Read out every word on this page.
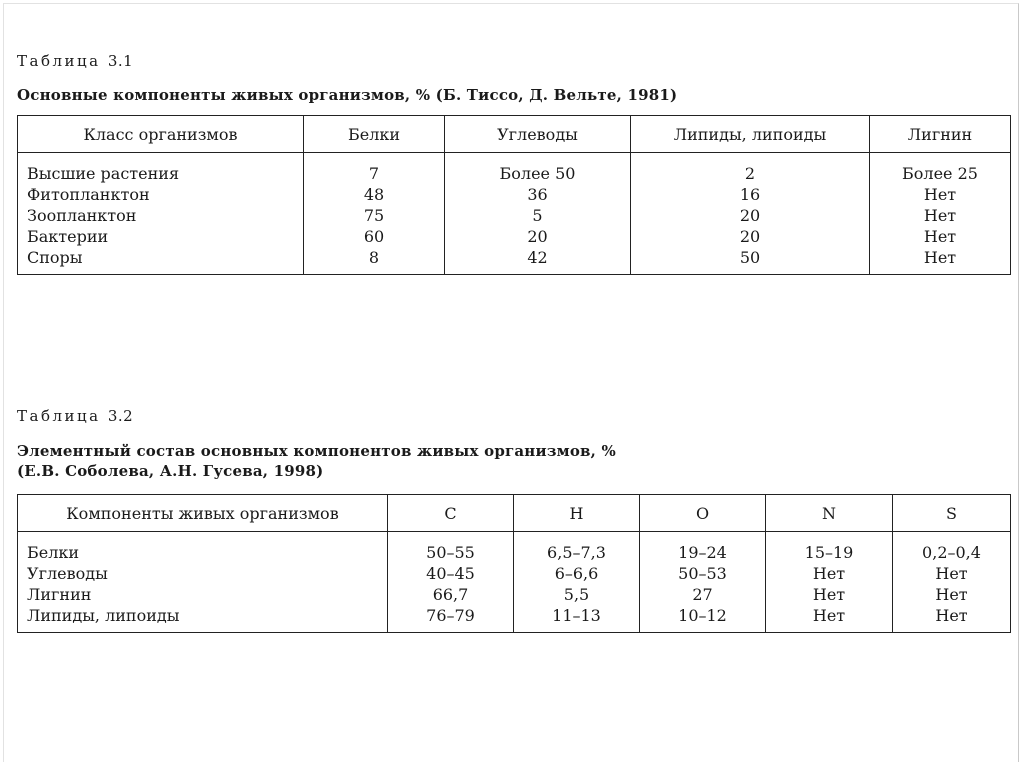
Таблица 3.1
Основные компоненты живых организмов, % (Б. Тиссо, Д. Вельте, 1981)
Класс организмов	Белки	Углеводы	Липиды, липоиды	Лигнин
Высшие растения	7	Более 50	2	Более 25
Фитопланктон	48	36	16	Нет
Зоопланктон	75	5	20	Нет
Бактерии	60	20	20	Нет
Споры	8	42	50	Нет
Таблица 3.2
Элементный состав основных компонентов живых организмов, %
(Е.В. Соболева, А.Н. Гусева, 1998)
Компоненты живых организмов	C	H	O	N	S
Белки	50–55	6,5–7,3	19–24	15–19	0,2–0,4
Углеводы	40–45	6–6,6	50–53	Нет	Нет
Лигнин	66,7	5,5	27	Нет	Нет
Липиды, липоиды	76–79	11–13	10–12	Нет	Нет
